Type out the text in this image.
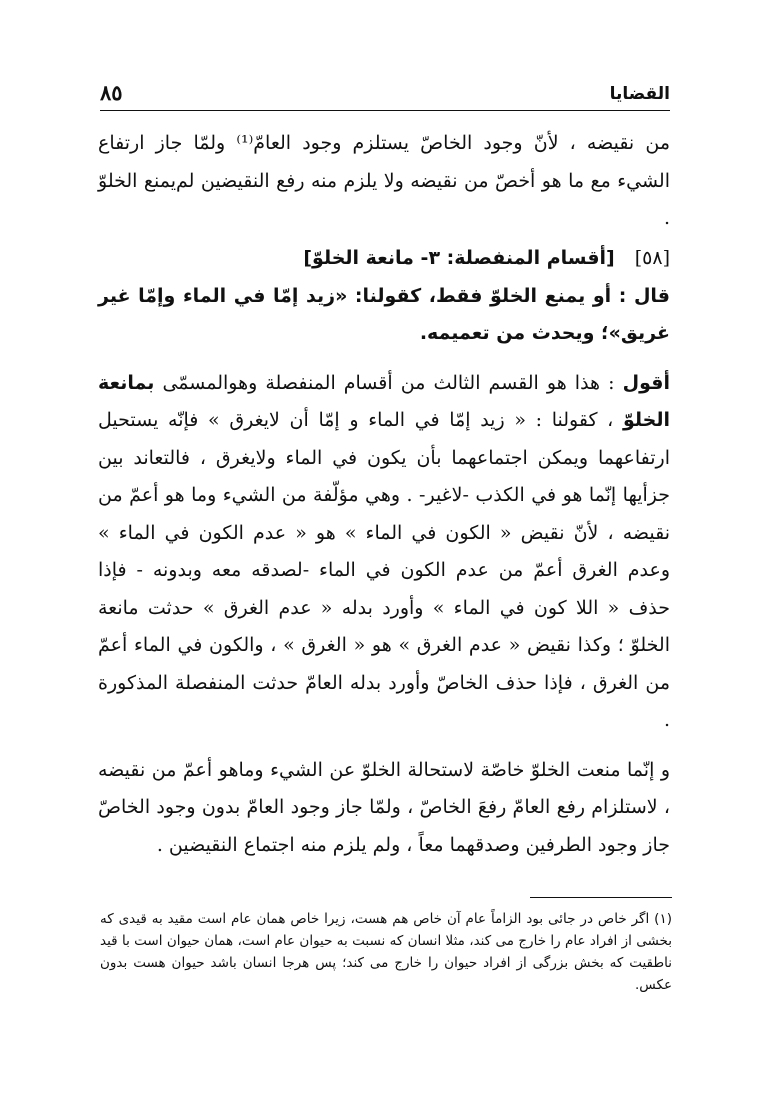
القضايا
٨٥

من نقيضه ، لأنّ وجود الخاصّ يستلزم وجود العامّ⁽¹⁾ ولمّا جاز ارتفاع الشيء مع ما هو أخصّ من نقيضه ولا يلزم منه رفع النقيضين لم‌يمنع الخلوّ .

[٥٨][أقسام المنفصلة: ٣- مانعة الخلوّ]

قال : أو يمنع الخلوّ فقط، كقولنا: «زيد إمّا في الماء وإمّا غير غريق»؛ ويحدث من تعميمه.

أقول : هذا هو القسم الثالث من أقسام المنفصلة وهوالمسمّى بمانعة الخلوّ ، كقولنا : « زيد إمّا في الماء و إمّا أن لايغرق » فإنّه يستحيل ارتفاعهما ويمكن اجتماعهما بأن يكون في الماء ولايغرق ، فالتعاند بين جزأيها إنّما هو في الكذب -لاغير- . وهي مؤلّفة من الشيء وما هو أعمّ من نقيضه ، لأنّ نقيض « الكون في الماء » هو « عدم الكون في الماء » وعدم الغرق أعمّ من عدم الكون في الماء -لصدقه معه وبدونه - فإذا حذف « اللا كون في الماء » وأورد بدله « عدم الغرق » حدثت مانعة الخلوّ ؛ وكذا نقيض « عدم الغرق » هو « الغرق » ، والكون في الماء أعمّ من الغرق ، فإذا حذف الخاصّ وأورد بدله العامّ حدثت المنفصلة المذكورة .

و إنّما منعت الخلوّ خاصّة لاستحالة الخلوّ عن الشيء وماهو أعمّ من نقيضه ، لاستلزام رفع العامّ رفعَ الخاصّ ، ولمّا جاز وجود العامّ بدون وجود الخاصّ جاز وجود الطرفين وصدقهما معاً ، ولم يلزم منه اجتماع النقيضين .

(١) اگر خاص در جائى بود الزاماً عام آن خاص هم هست، زيرا خاص همان عام است مقيد به قيدى كه بخشى از افراد عام را خارج مى كند، مثلا انسان كه نسبت به حيوان عام است، همان حيوان است با قيد ناطقيت كه بخش بزرگى از افراد حيوان را خارج مى كند؛ پس هرجا انسان باشد حيوان هست بدون عكس.
